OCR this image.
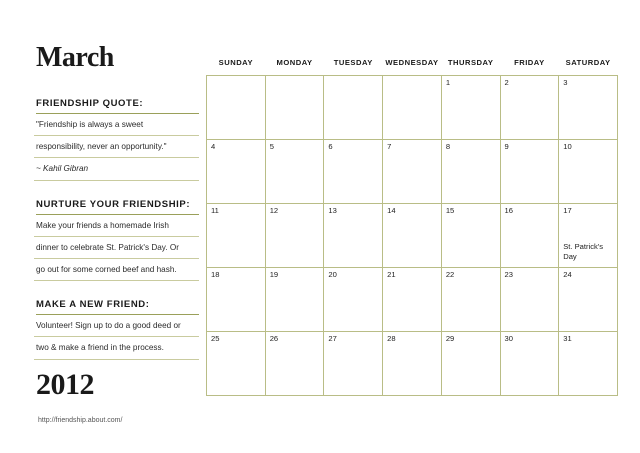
March
FRIENDSHIP QUOTE:
"Friendship is always a sweet
responsibility, never an opportunity."
~ Kahil Gibran
NURTURE YOUR FRIENDSHIP:
Make your friends a homemade Irish
dinner to celebrate St. Patrick's Day. Or
go out for some corned beef and hash.
MAKE A NEW FRIEND:
Volunteer! Sign up to do a good deed or
two & make a friend in the process.
2012
http://friendship.about.com/
SUNDAY	MONDAY	TUESDAY	WEDNESDAY	THURSDAY	FRIDAY	SATURDAY

				1	2	3

4	5	6	7	8	9	10

11	12	13	14	15	16	17
St. Patrick's Day

18	19	20	21	22	23	24

25	26	27	28	29	30	31
